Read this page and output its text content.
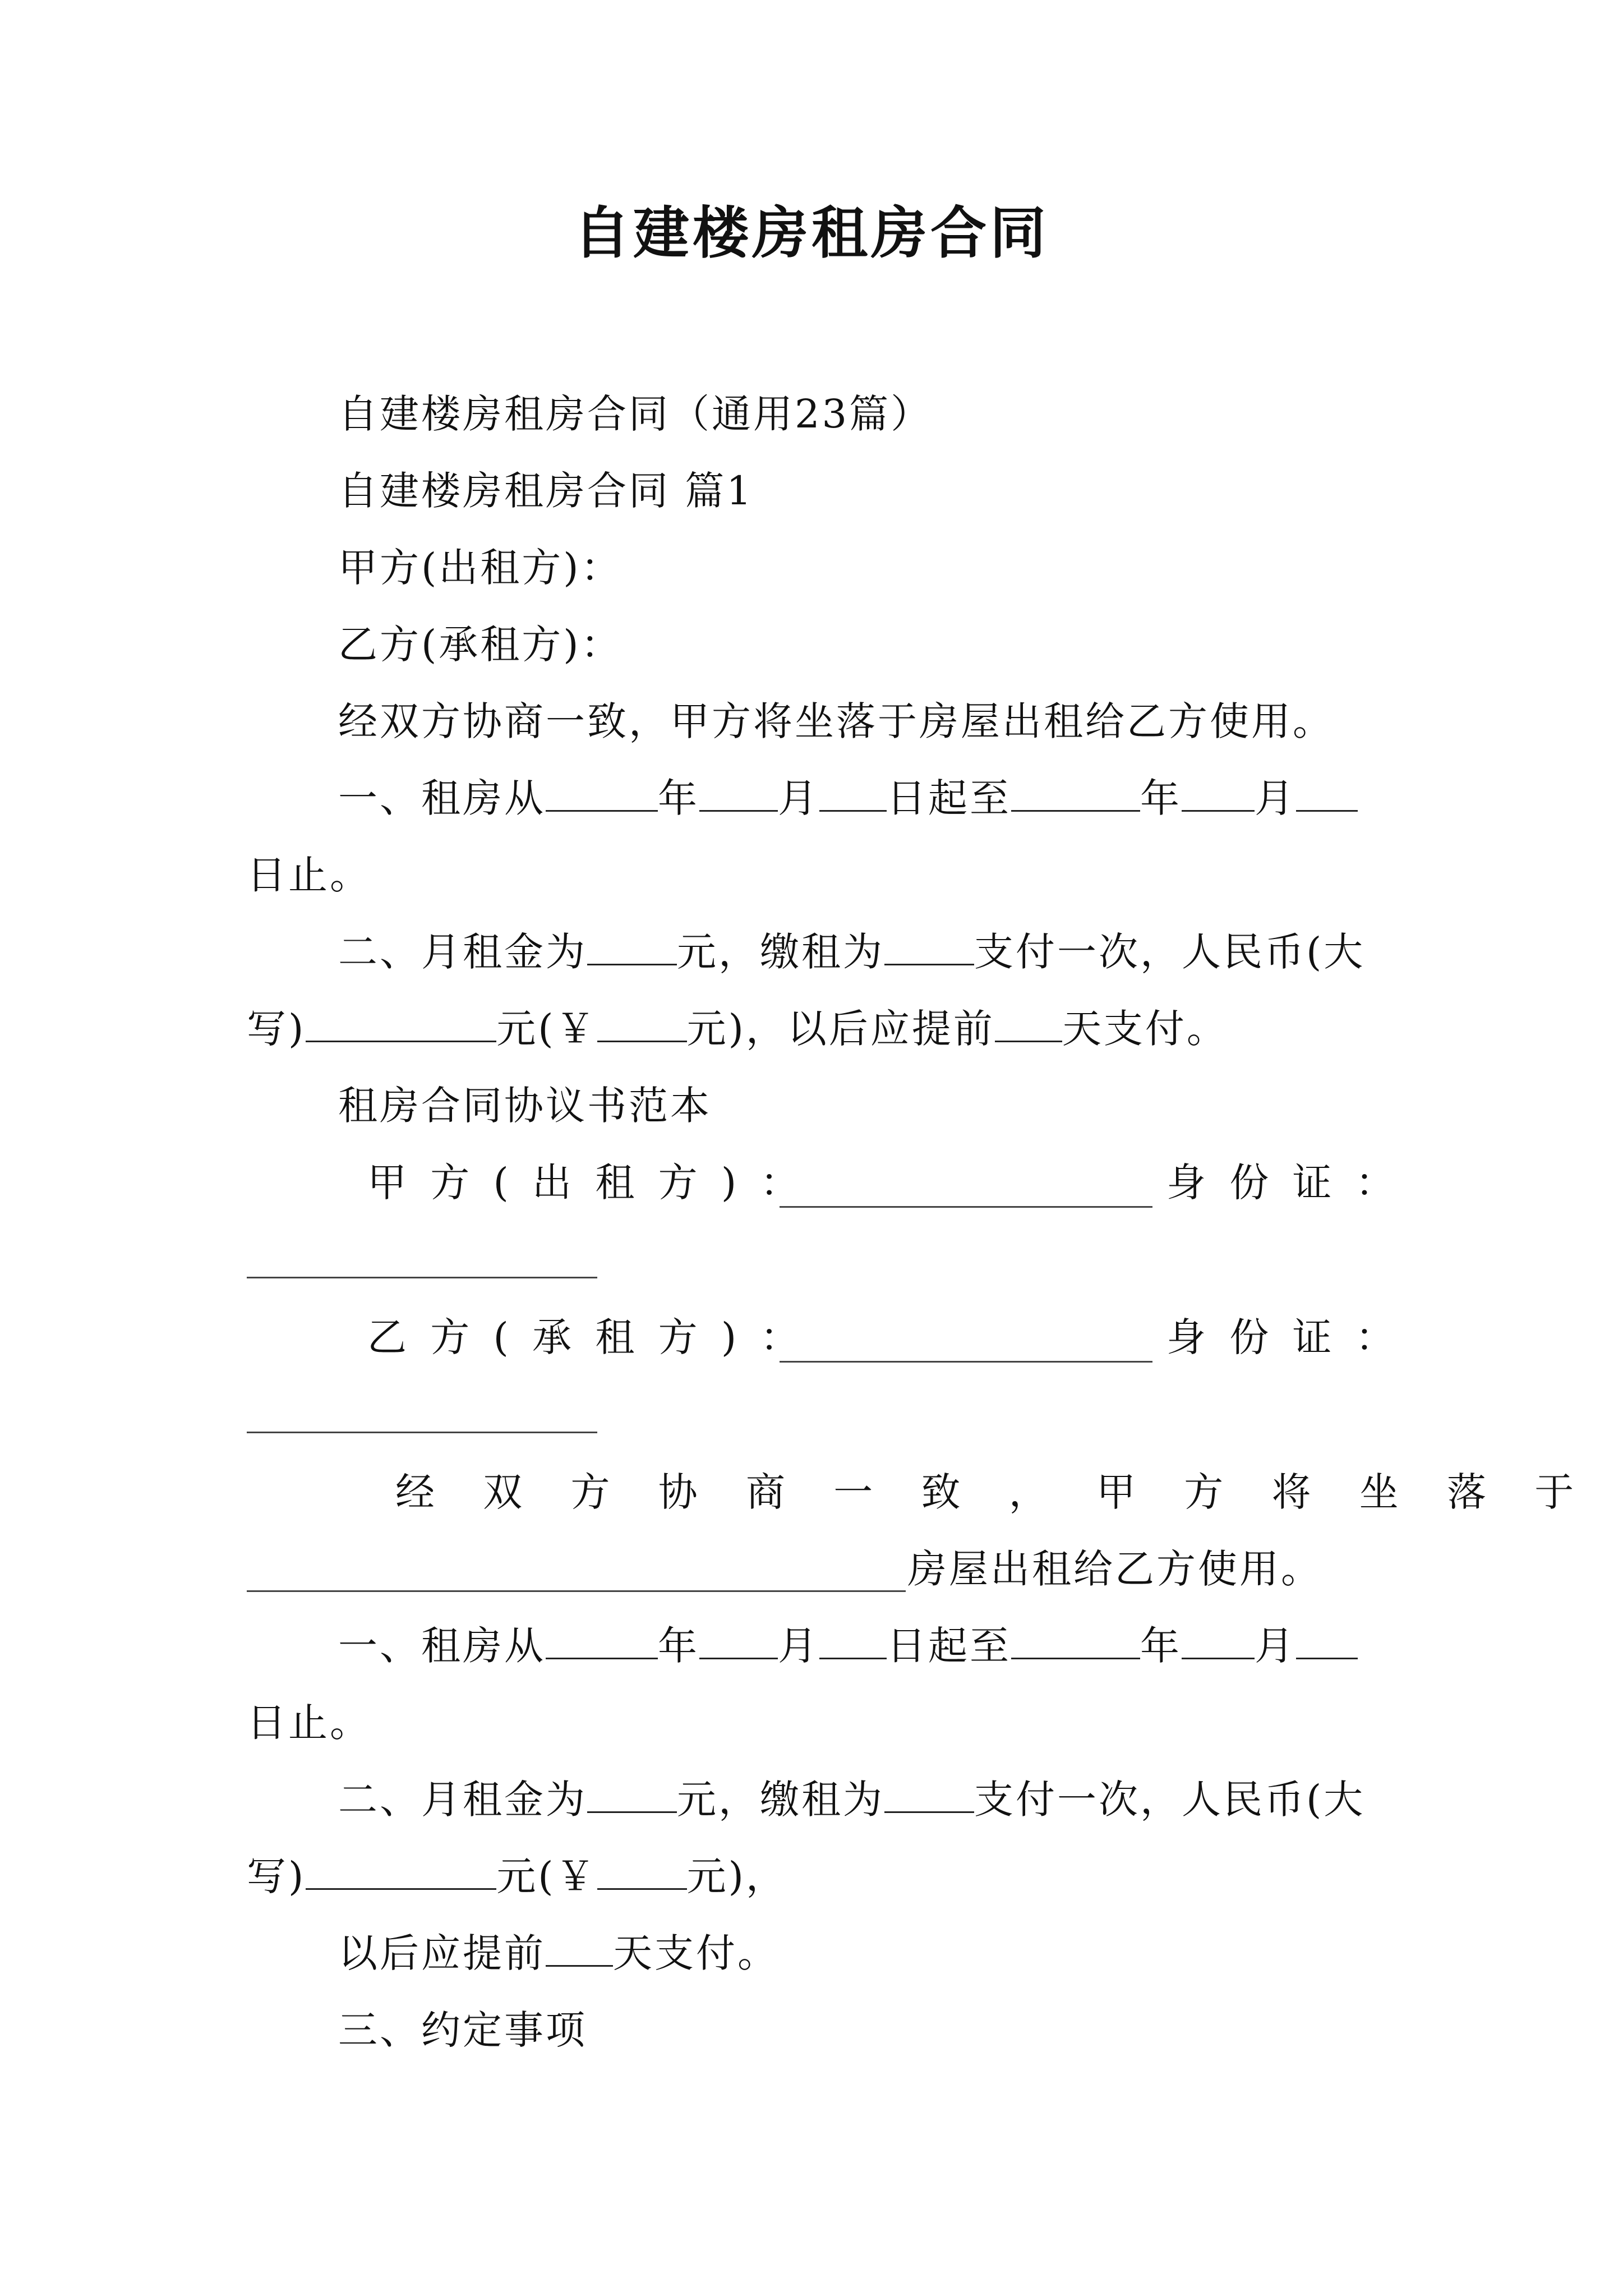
自建楼房租房合同
自建楼房租房合同（通用23篇）
自建楼房租房合同 篇1
甲方(出租方)：
乙方(承租方)：
经双方协商一致，甲方将坐落于房屋出租给乙方使用。
一、租房从	年 月 日起至	年 月
日止。
二、月租金为 元，缴租为 支付一次，人民币(大
写)	元(￥ 元)，以后应提前 天支付。
租房合同协议书范本
甲 方 ( 出 租 方 ) ：	身 份 证 ：
乙 方 ( 承 租 方 ) ：	身 份 证 ：
经 双 方 协 商 一 致 ， 甲 方 将 坐 落 于
房屋出租给乙方使用。
一、租房从	年 月 日起至	年 月
日止。
二、月租金为 元，缴租为 支付一次，人民币(大
写)	元(￥ 元)，
以后应提前 天支付。
三、约定事项
